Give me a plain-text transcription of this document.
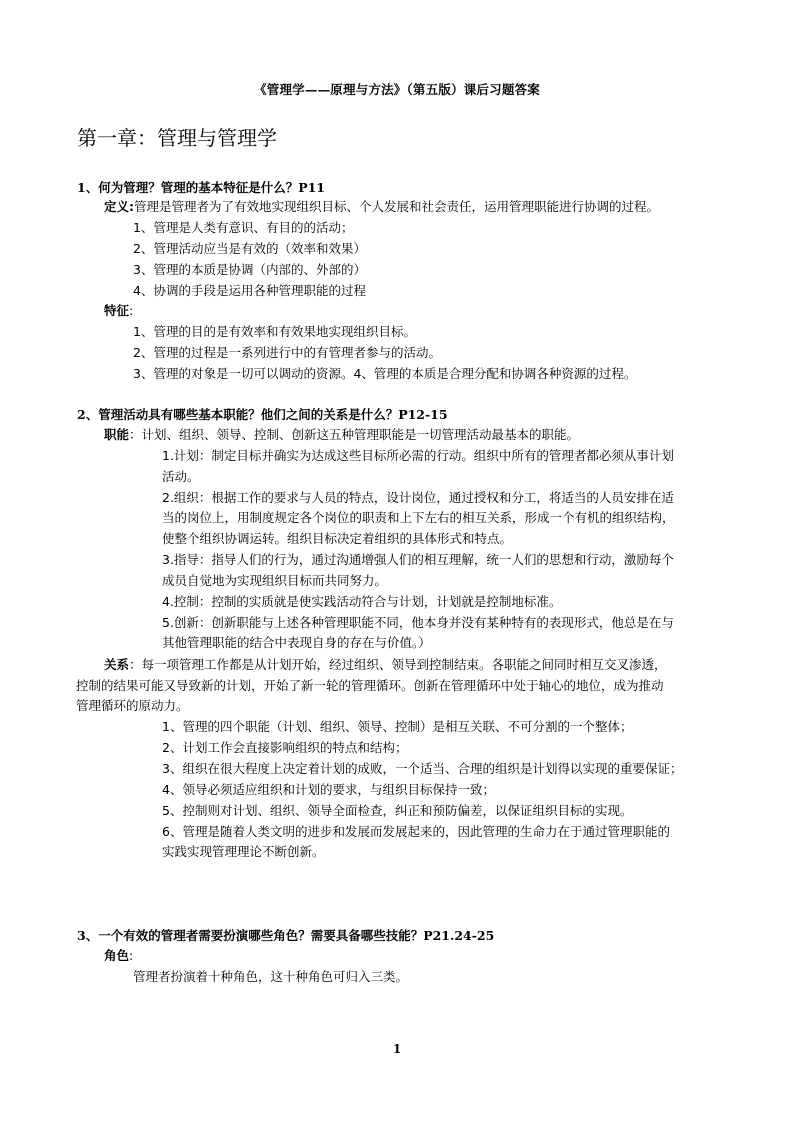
《管理学——原理与方法》（第五版）课后习题答案
第一章：管理与管理学
1、何为管理？管理的基本特征是什么？P11
定义:管理是管理者为了有效地实现组织目标、个人发展和社会责任，运用管理职能进行协调的过程。
1、管理是人类有意识、有目的的活动；
2、管理活动应当是有效的（效率和效果）
3、管理的本质是协调（内部的、外部的）
4、协调的手段是运用各种管理职能的过程
特征:
1、管理的目的是有效率和有效果地实现组织目标。
2、管理的过程是一系列进行中的有管理者参与的活动。
3、管理的对象是一切可以调动的资源。4、管理的本质是合理分配和协调各种资源的过程。
2、管理活动具有哪些基本职能？他们之间的关系是什么？P12-15
职能：计划、组织、领导、控制、创新这五种管理职能是一切管理活动最基本的职能。
1.计划：制定目标并确实为达成这些目标所必需的行动。组织中所有的管理者都必须从事计划
活动。
2.组织：根据工作的要求与人员的特点，设计岗位，通过授权和分工，将适当的人员安排在适
当的岗位上，用制度规定各个岗位的职责和上下左右的相互关系，形成一个有机的组织结构，
使整个组织协调运转。组织目标决定着组织的具体形式和特点。
3.指导：指导人们的行为，通过沟通增强人们的相互理解，统一人们的思想和行动，激励每个
成员自觉地为实现组织目标而共同努力。
4.控制：控制的实质就是使实践活动符合与计划，计划就是控制地标准。
5.创新：创新职能与上述各种管理职能不同，他本身并没有某种特有的表现形式，他总是在与
其他管理职能的结合中表现自身的存在与价值。）
关系：每一项管理工作都是从计划开始，经过组织、领导到控制结束。各职能之间同时相互交叉渗透，
控制的结果可能又导致新的计划，开始了新一轮的管理循环。创新在管理循环中处于轴心的地位，成为推动
管理循环的原动力。
1、管理的四个职能（计划、组织、领导、控制）是相互关联、不可分割的一个整体；
2、计划工作会直接影响组织的特点和结构；
3、组织在很大程度上决定着计划的成败，一个适当、合理的组织是计划得以实现的重要保证；
4、领导必须适应组织和计划的要求，与组织目标保持一致；
5、控制则对计划、组织、领导全面检查，纠正和预防偏差，以保证组织目标的实现。
6、管理是随着人类文明的进步和发展而发展起来的，因此管理的生命力在于通过管理职能的
实践实现管理理论不断创新。
3、一个有效的管理者需要扮演哪些角色？需要具备哪些技能？P21.24-25
角色:
管理者扮演着十种角色，这十种角色可归入三类。
1
